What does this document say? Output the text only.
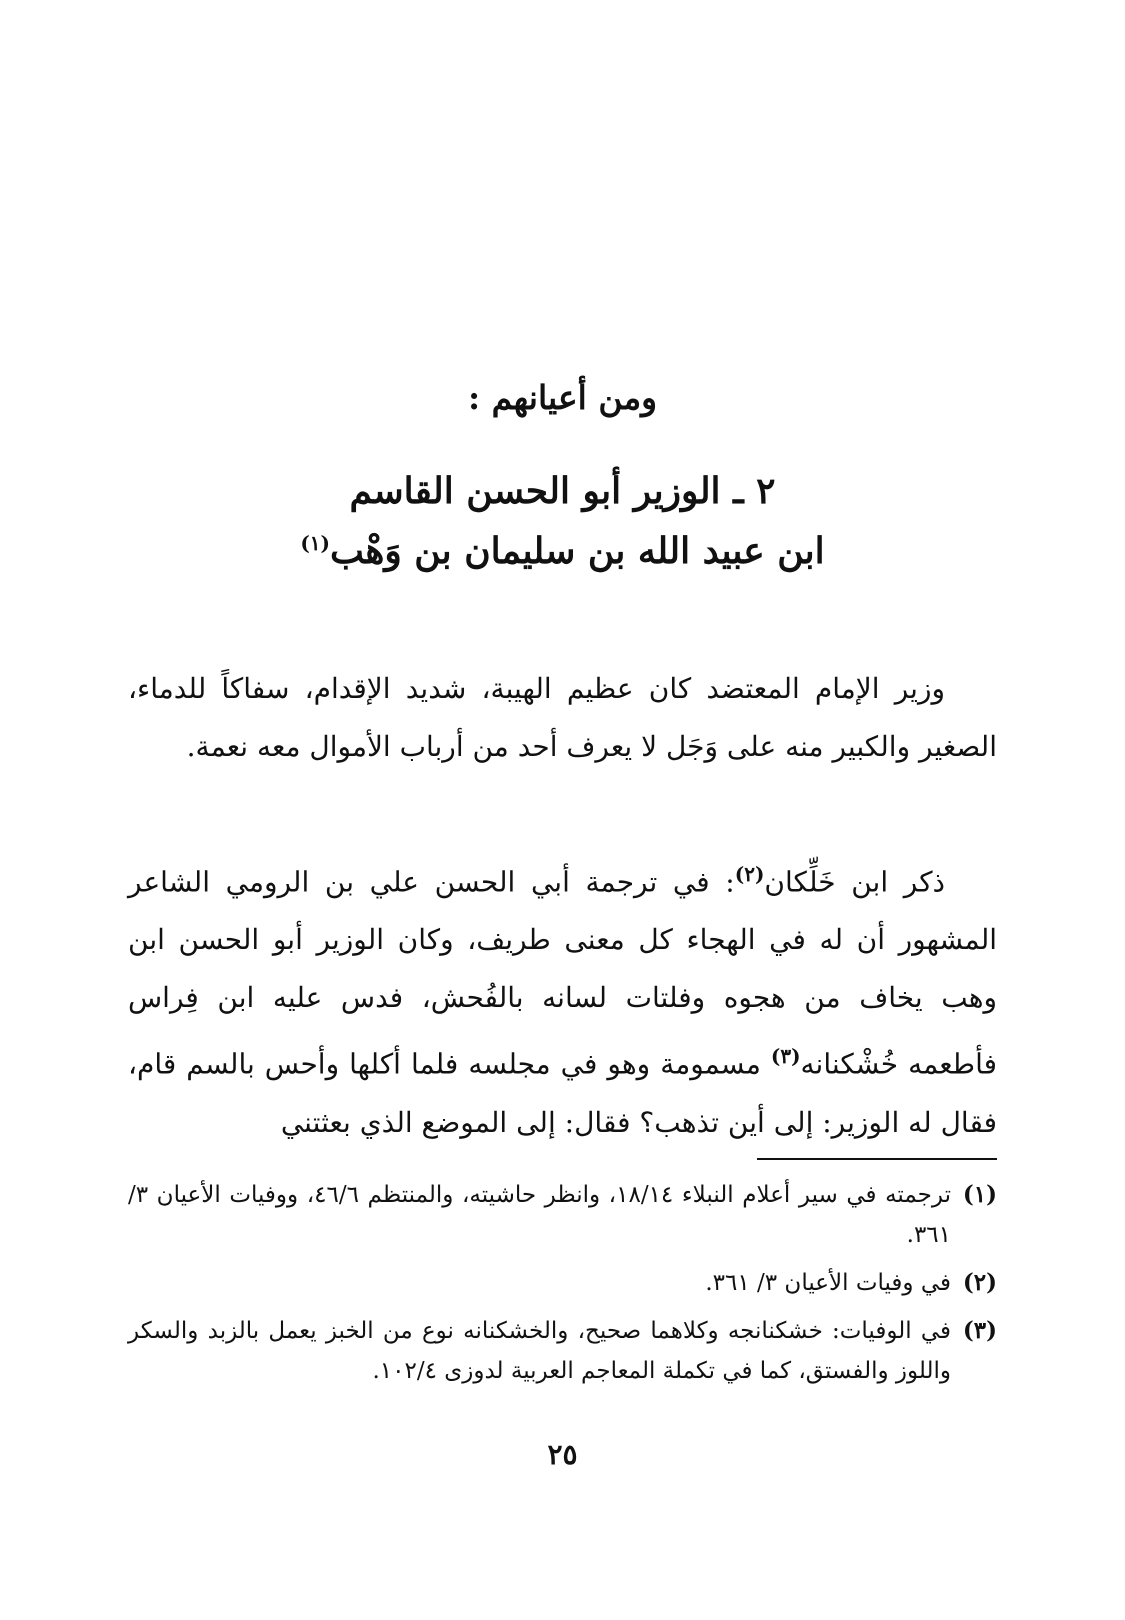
ومن أعيانهم :
٢ ـ الوزير أبو الحسن القاسم
ابن عبيد الله بن سليمان بن وَهْب$^{(١)}$
وزير الإمام المعتضد كان عظيم الهيبة، شديد الإقدام، سفاكاً للدماء، الصغير والكبير منه على وَجَل لا يعرف أحد من أرباب الأموال معه نعمة.
ذكر ابن خَلِّكان$^{(٢)}$: في ترجمة أبي الحسن علي بن الرومي الشاعر المشهور أن له في الهجاء كل معنى طريف، وكان الوزير أبو الحسن ابن وهب يخاف من هجوه وفلتات لسانه بالفُحش، فدس عليه ابن فِراس فأطعمه خُشْكنانه$^{(٣)}$ مسمومة وهو في مجلسه فلما أكلها وأحس بالسم قام، فقال له الوزير: إلى أين تذهب؟ فقال: إلى الموضع الذي بعثتني
(١)
ترجمته في سير أعلام النبلاء ١٨/١٤، وانظر حاشيته، والمنتظم ٤٦/٦، ووفيات الأعيان ٣/ ٣٦١.
(٢)
في وفيات الأعيان ٣/ ٣٦١.
(٣)
في الوفيات: خشكنانجه وكلاهما صحيح، والخشكنانه نوع من الخبز يعمل بالزبد والسكر واللوز والفستق، كما في تكملة المعاجم العربية لدوزى ١٠٢/٤.
٢٥
